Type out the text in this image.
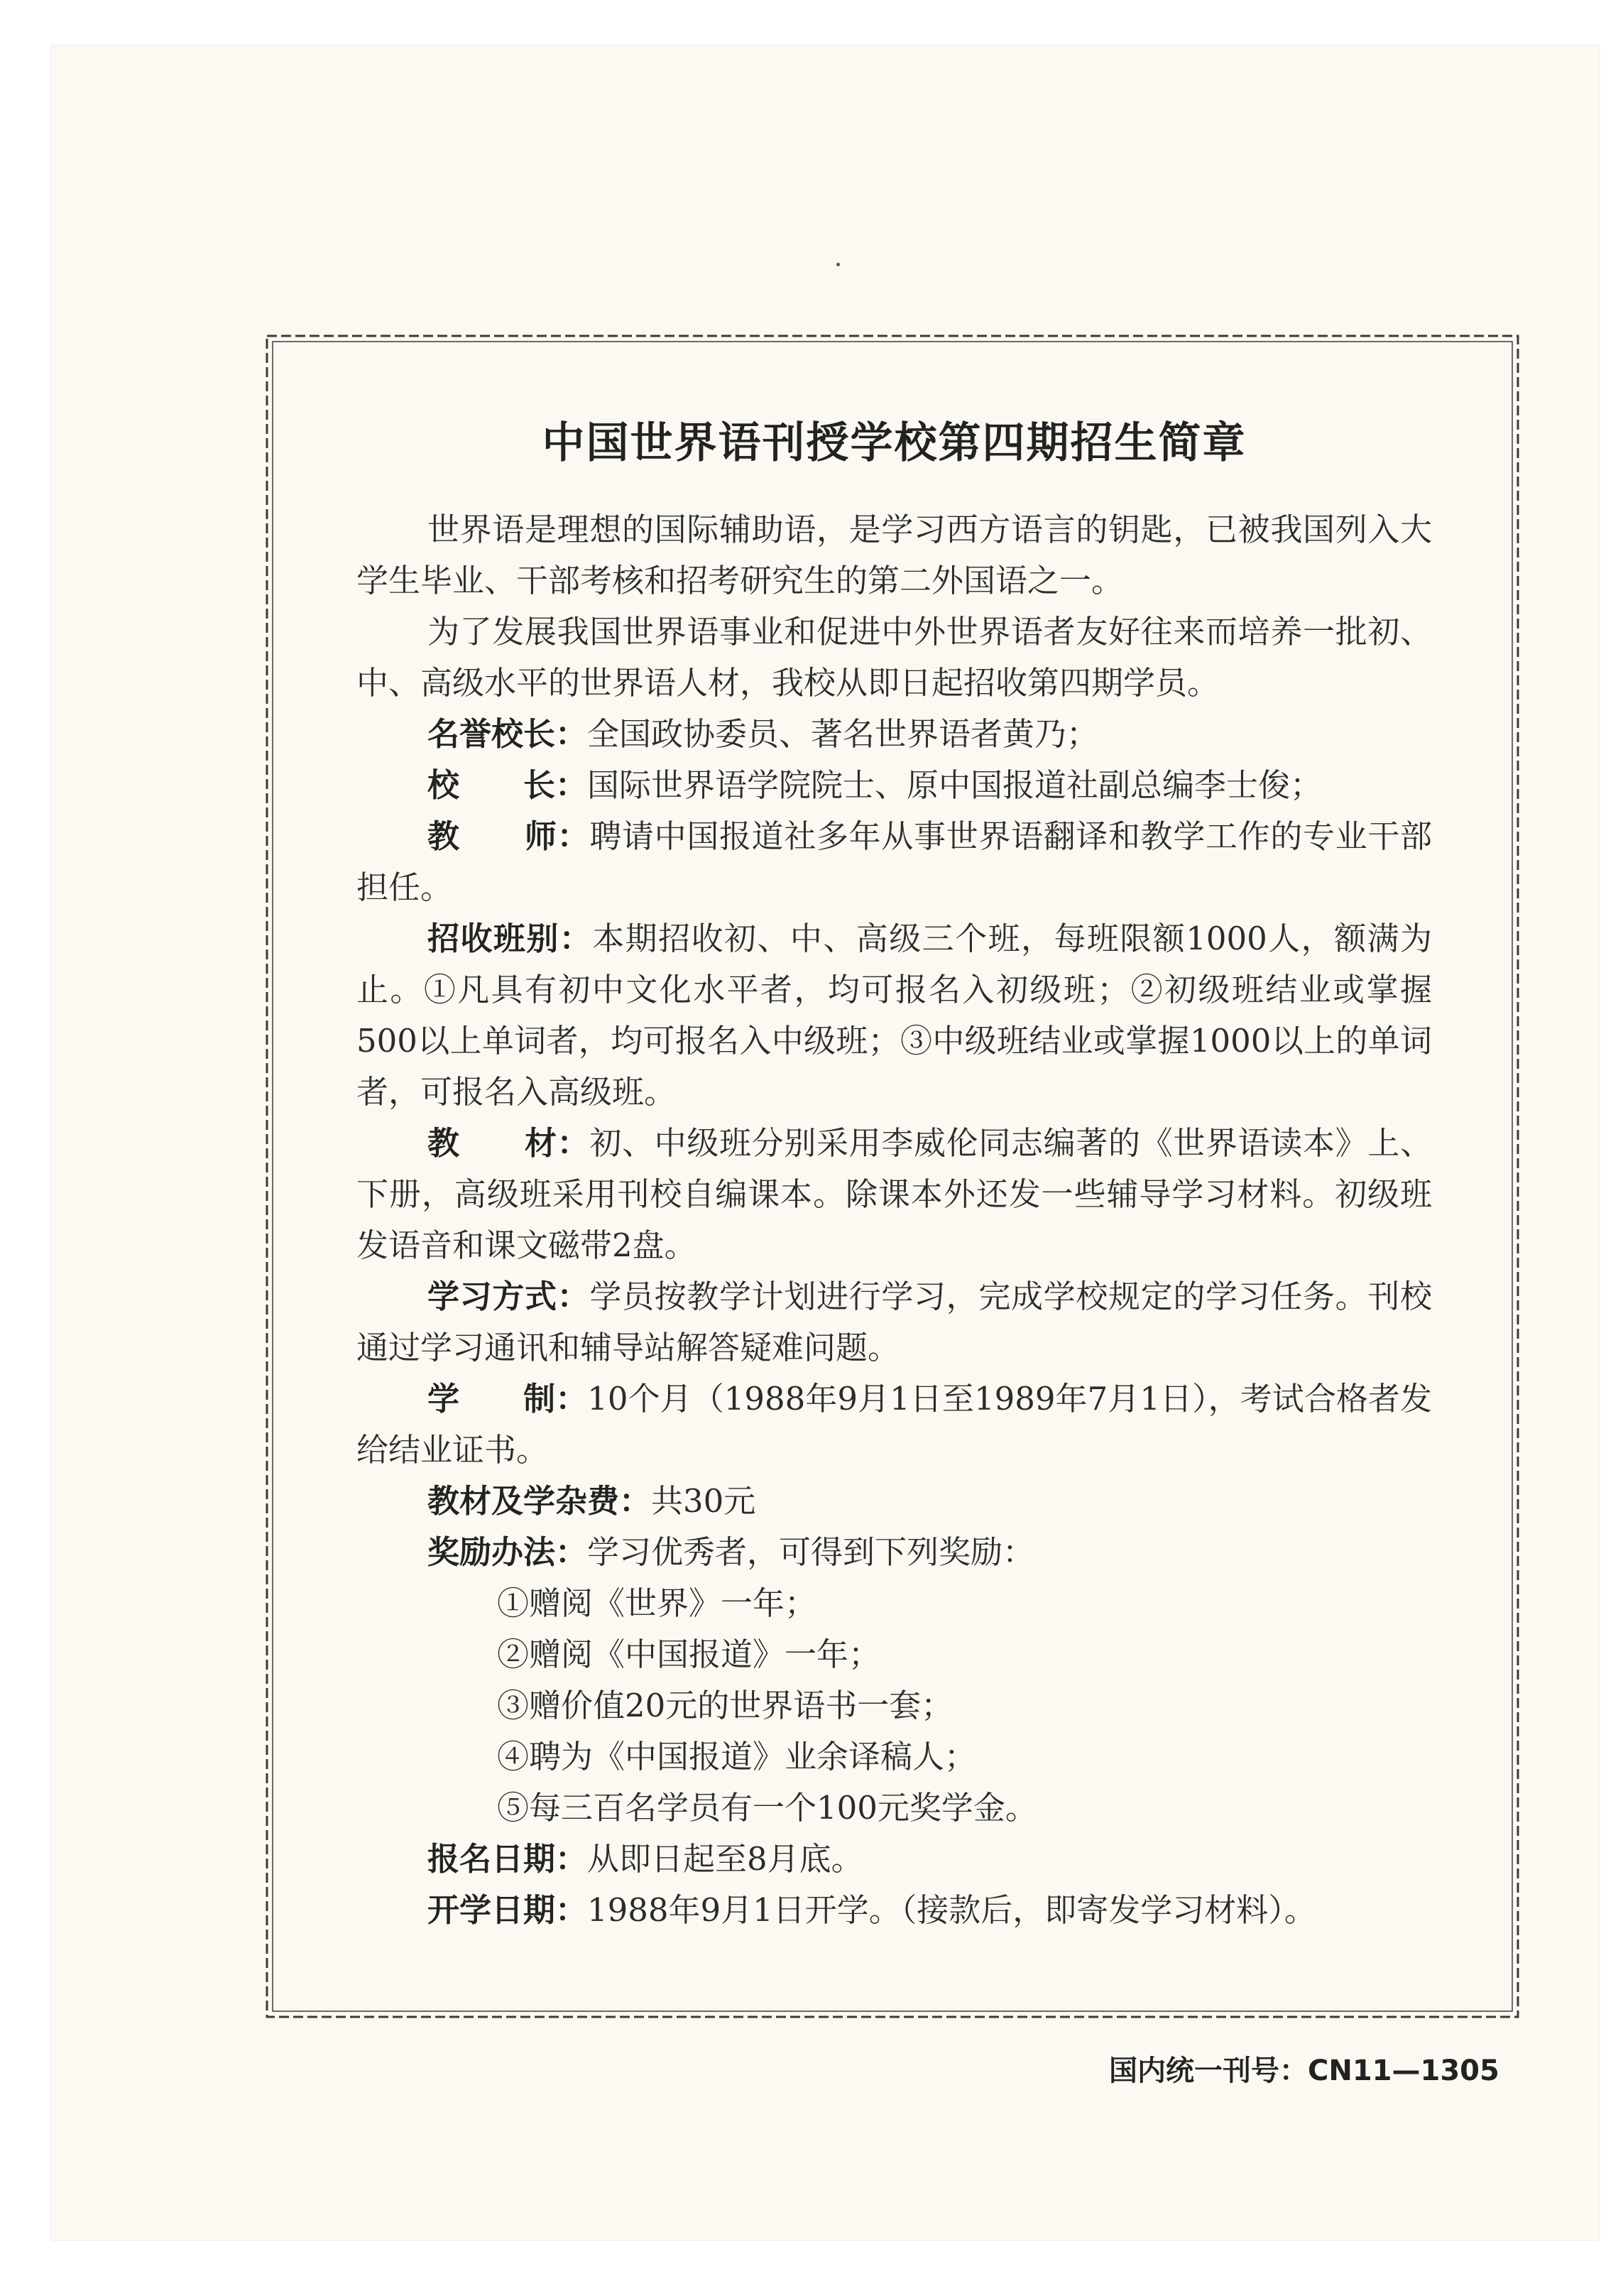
中国世界语刊授学校第四期招生简章

世界语是理想的国际辅助语，是学习西方语言的钥匙，已被我国列入大学生毕业、干部考核和招考研究生的第二外国语之一。

为了发展我国世界语事业和促进中外世界语者友好往来而培养一批初、中、高级水平的世界语人材，我校从即日起招收第四期学员。

名誉校长：全国政协委员、著名世界语者黄乃；

校　　长：国际世界语学院院士、原中国报道社副总编李士俊；

教　　师：聘请中国报道社多年从事世界语翻译和教学工作的专业干部担任。

招收班别：本期招收初、中、高级三个班，每班限额1000人，额满为止。①凡具有初中文化水平者，均可报名入初级班；②初级班结业或掌握500以上单词者，均可报名入中级班；③中级班结业或掌握1000以上的单词者，可报名入高级班。

教　　材：初、中级班分别采用李威伦同志编著的《世界语读本》上、下册，高级班采用刊校自编课本。除课本外还发一些辅导学习材料。初级班发语音和课文磁带2盘。

学习方式：学员按教学计划进行学习，完成学校规定的学习任务。刊校通过学习通讯和辅导站解答疑难问题。

学　　制：10个月（1988年9月1日至1989年7月1日），考试合格者发给结业证书。

教材及学杂费：共30元

奖励办法：学习优秀者，可得到下列奖励：

①赠阅《世界》一年；
②赠阅《中国报道》一年；
③赠价值20元的世界语书一套；
④聘为《中国报道》业余译稿人；
⑤每三百名学员有一个100元奖学金。

报名日期：从即日起至8月底。

开学日期：1988年9月1日开学。（接款后，即寄发学习材料）。

国内统一刊号：CN11—1305
